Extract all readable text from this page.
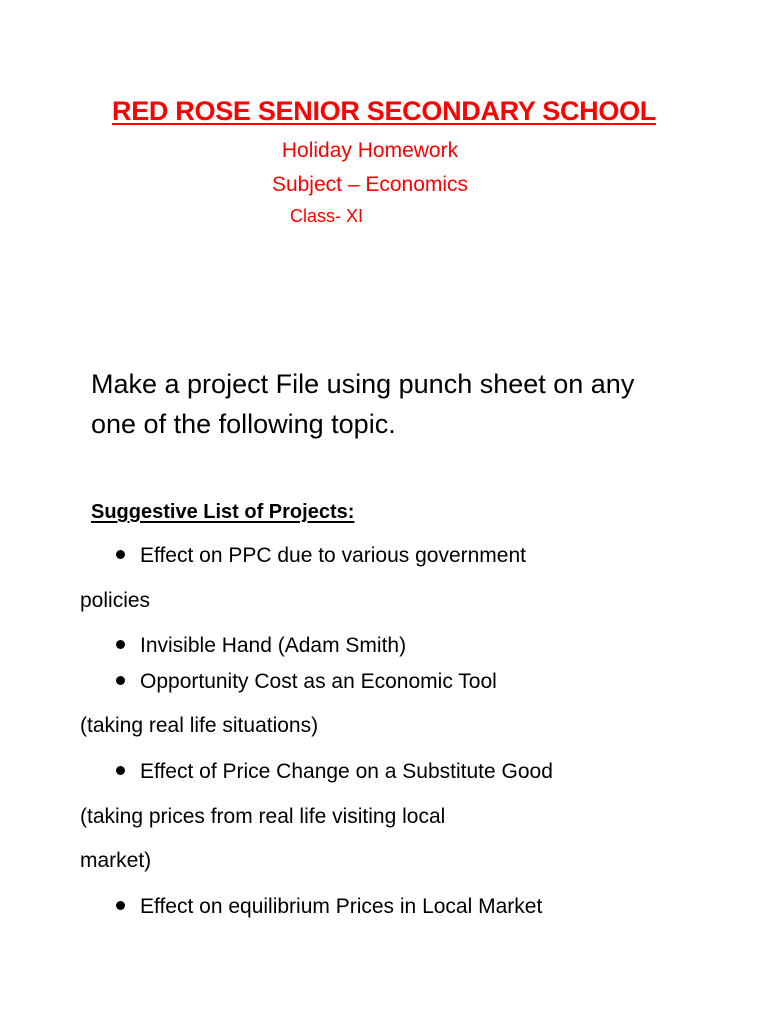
RED ROSE SENIOR SECONDARY SCHOOL
Holiday Homework
Subject – Economics
Class- XI
Make a project File using punch sheet on any
one of the following topic.
Suggestive List of Projects:
Effect on PPC due to various government
policies
Invisible Hand (Adam Smith)
Opportunity Cost as an Economic Tool
(taking real life situations)
Effect of Price Change on a Substitute Good
(taking prices from real life visiting local
market)
Effect on equilibrium Prices in Local Market
